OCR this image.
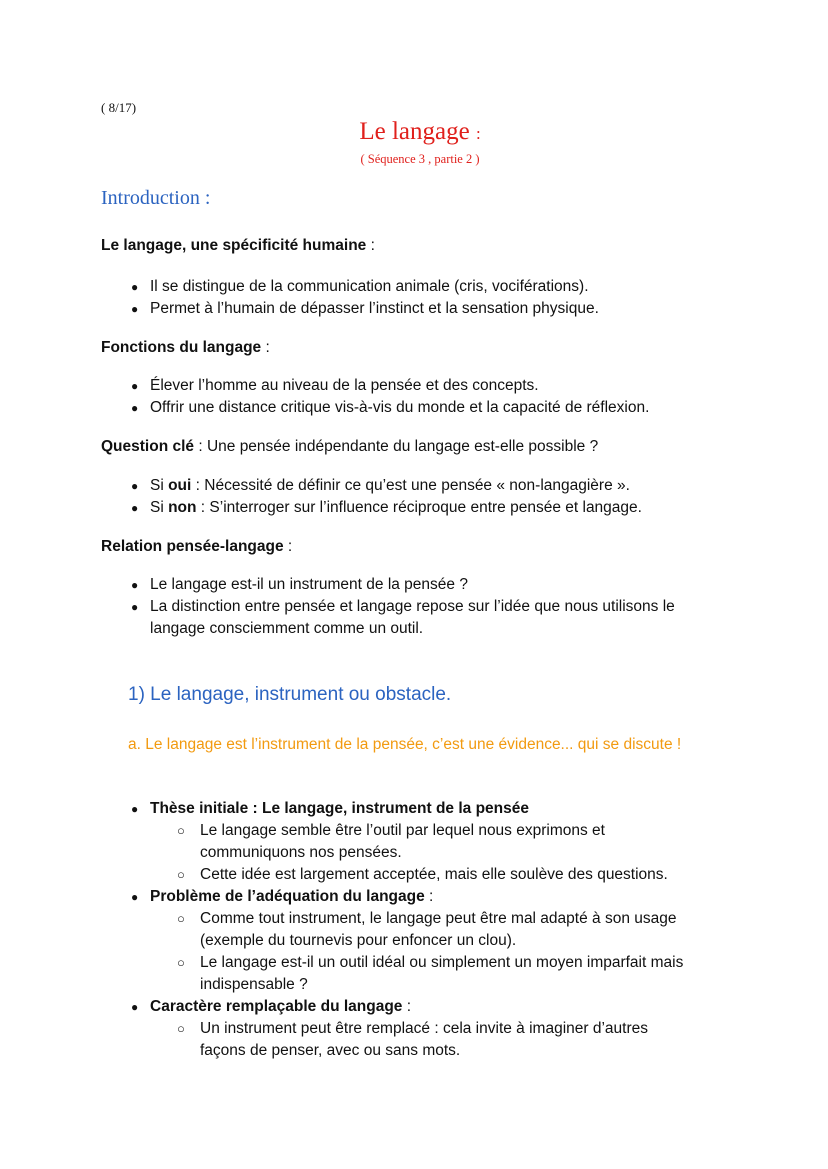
( 8/17)
Le langage :
( Séquence 3 , partie 2 )
Introduction :
Le langage, une spécificité humaine :
● Il se distingue de la communication animale (cris, vociférations).
● Permet à l’humain de dépasser l’instinct et la sensation physique.
Fonctions du langage :
● Élever l’homme au niveau de la pensée et des concepts.
● Offrir une distance critique vis-à-vis du monde et la capacité de réflexion.
Question clé : Une pensée indépendante du langage est-elle possible ?
● Si oui : Nécessité de définir ce qu’est une pensée « non-langagière ».
● Si non : S’interroger sur l’influence réciproque entre pensée et langage.
Relation pensée-langage :
● Le langage est-il un instrument de la pensée ?
● La distinction entre pensée et langage repose sur l’idée que nous utilisons le
langage consciemment comme un outil.
1) Le langage, instrument ou obstacle.
a. Le langage est l’instrument de la pensée, c’est une évidence... qui se discute !
● Thèse initiale : Le langage, instrument de la pensée
○ Le langage semble être l’outil par lequel nous exprimons et
communiquons nos pensées.
○ Cette idée est largement acceptée, mais elle soulève des questions.
● Problème de l’adéquation du langage :
○ Comme tout instrument, le langage peut être mal adapté à son usage
(exemple du tournevis pour enfoncer un clou).
○ Le langage est-il un outil idéal ou simplement un moyen imparfait mais
indispensable ?
● Caractère remplaçable du langage :
○ Un instrument peut être remplacé : cela invite à imaginer d’autres
façons de penser, avec ou sans mots.
